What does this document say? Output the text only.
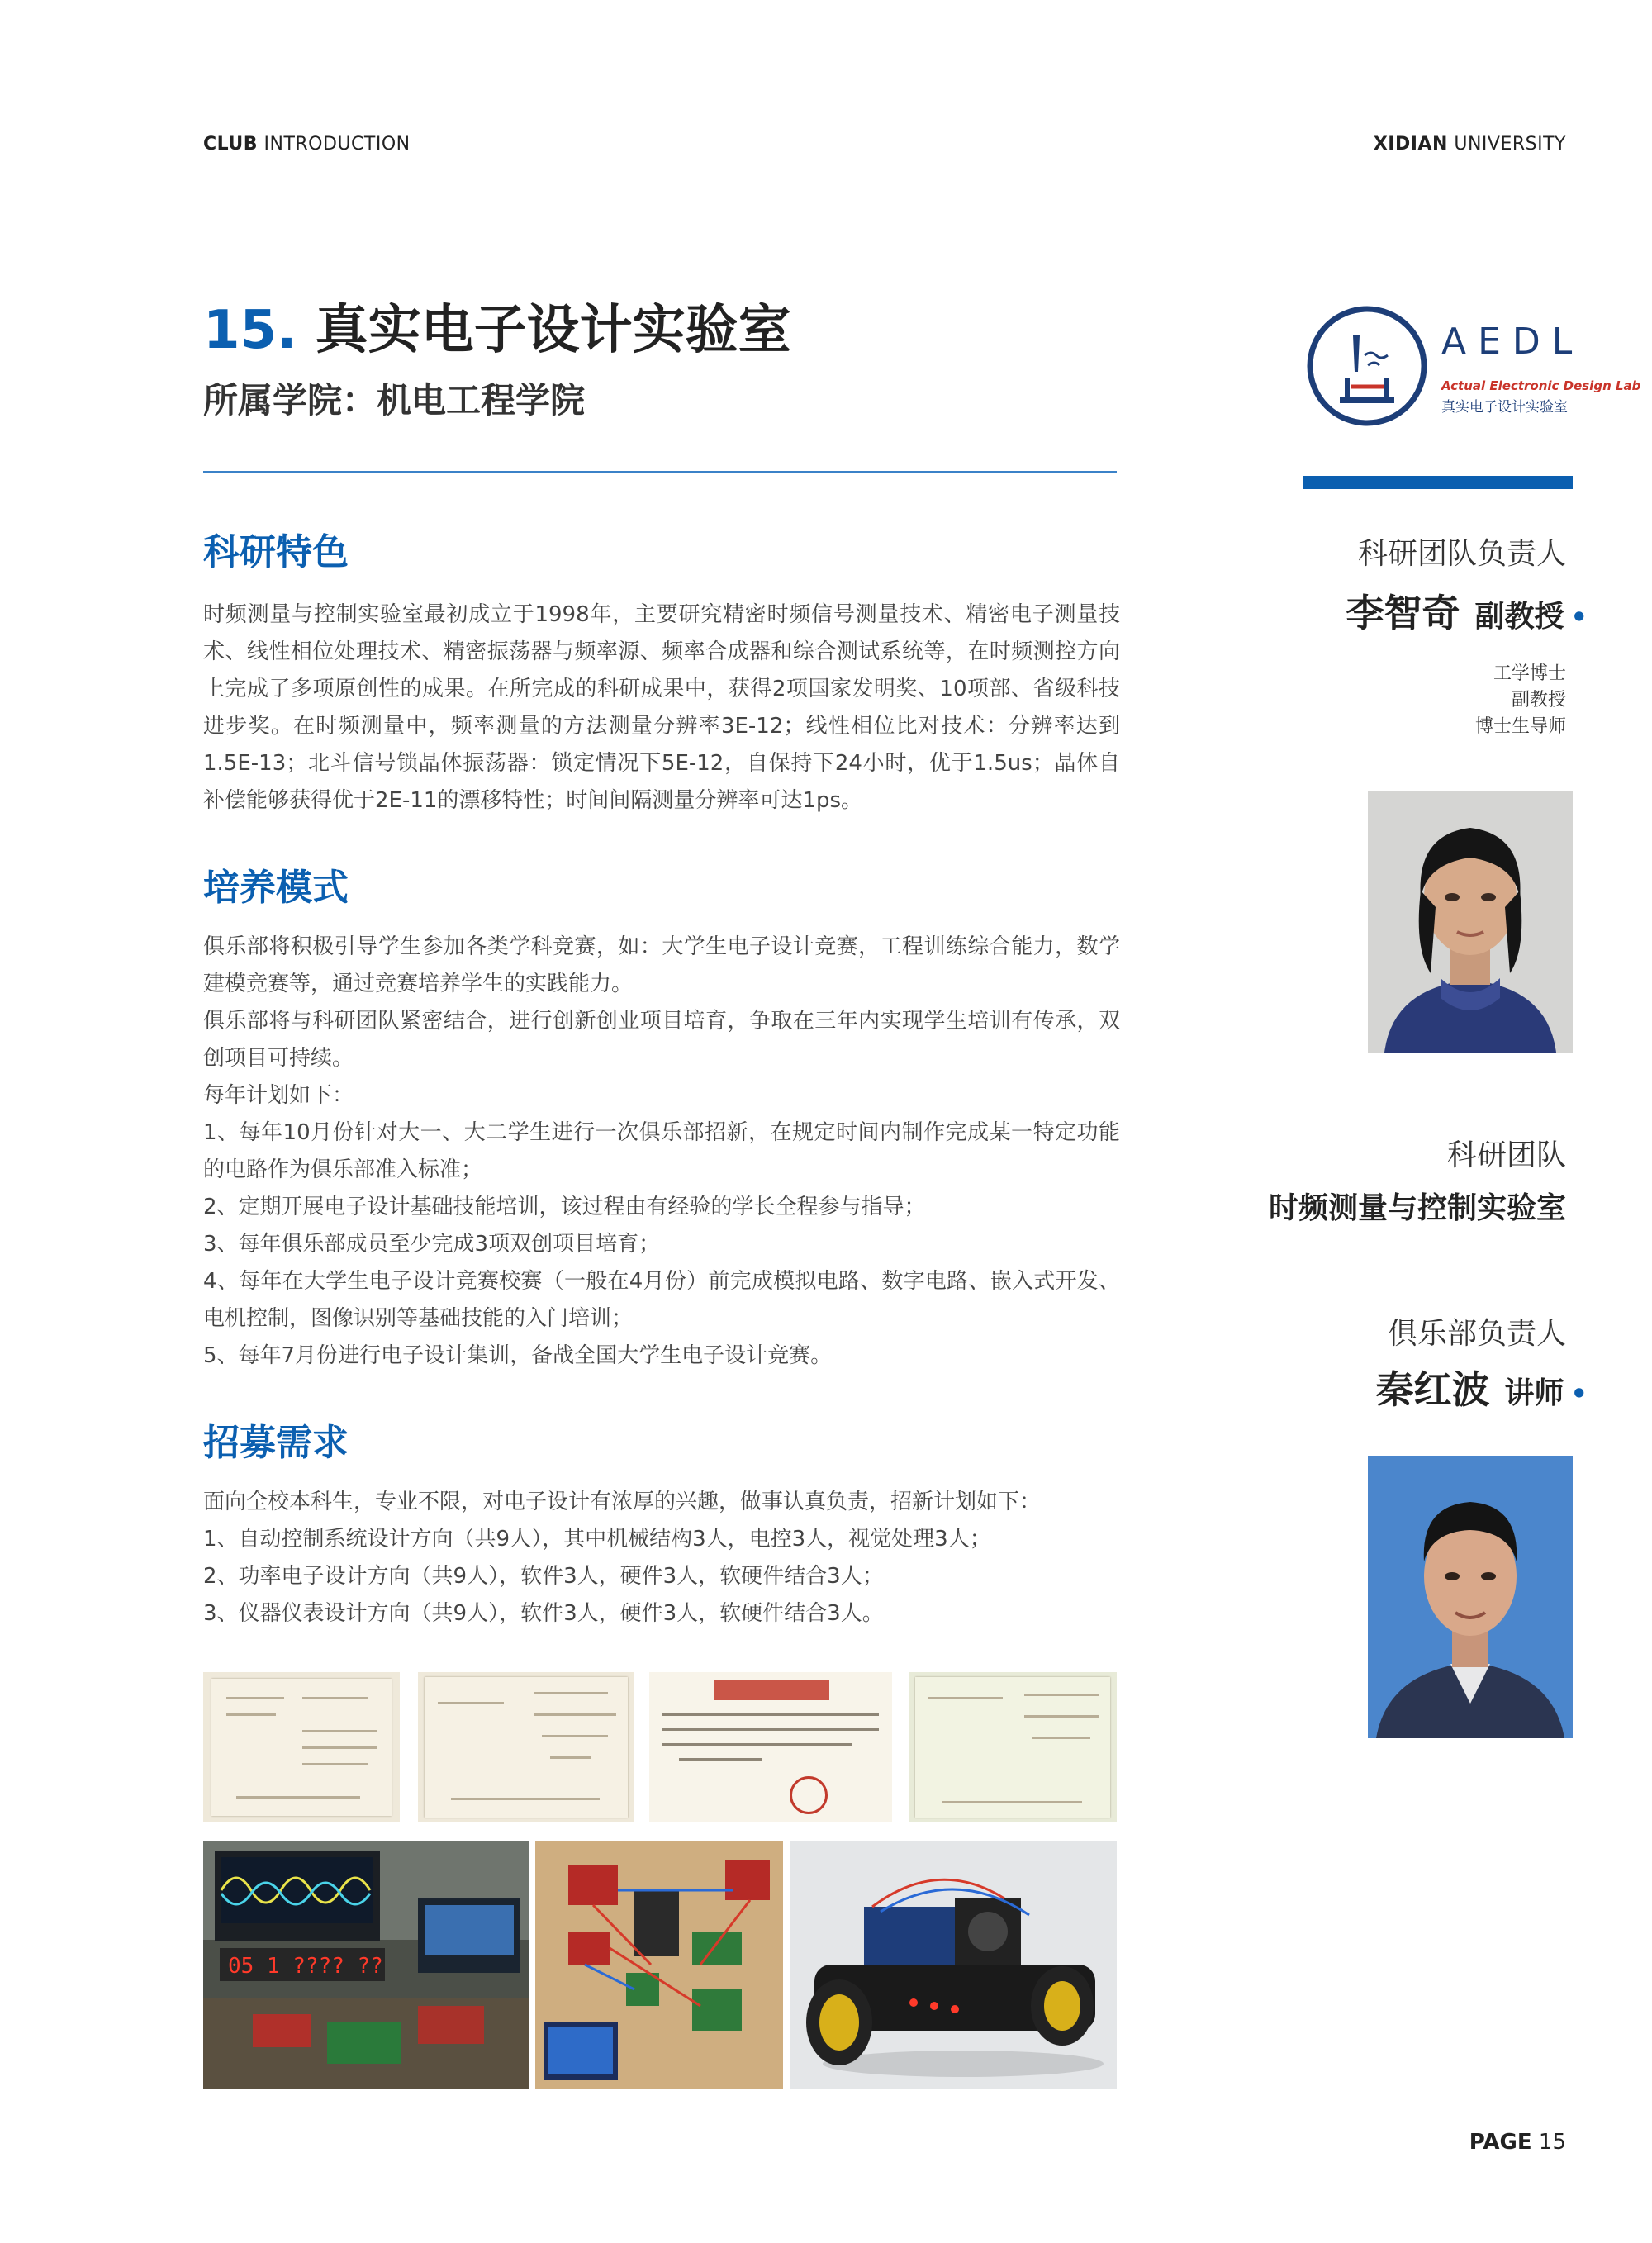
CLUB INTRODUCTION	XIDIAN UNIVERSITY
15. 真实电子设计实验室
所属学院：机电工程学院
科研特色

时频测量与控制实验室最初成立于1998年，主要研究精密时频信号测量技术、精密电子测量技术、线性相位处理技术、精密振荡器与频率源、频率合成器和综合测试系统等，在时频测控方向上完成了多项原创性的成果。在所完成的科研成果中，获得2项国家发明奖、10项部、省级科技进步奖。在时频测量中，频率测量的方法测量分辨率3E-12；线性相位比对技术：分辨率达到1.5E-13；北斗信号锁晶体振荡器：锁定情况下5E-12，自保持下24小时，优于1.5us；晶体自补偿能够获得优于2E-11的漂移特性；时间间隔测量分辨率可达1ps。

培养模式

俱乐部将积极引导学生参加各类学科竞赛，如：大学生电子设计竞赛，工程训练综合能力，数学建模竞赛等，通过竞赛培养学生的实践能力。

俱乐部将与科研团队紧密结合，进行创新创业项目培育，争取在三年内实现学生培训有传承，双创项目可持续。

每年计划如下：

1、每年10月份针对大一、大二学生进行一次俱乐部招新，在规定时间内制作完成某一特定功能的电路作为俱乐部准入标准；

2、定期开展电子设计基础技能培训，该过程由有经验的学长全程参与指导；

3、每年俱乐部成员至少完成3项双创项目培育；

4、每年在大学生电子设计竞赛校赛（一般在4月份）前完成模拟电路、数字电路、嵌入式开发、电机控制，图像识别等基础技能的入门培训；

5、每年7月份进行电子设计集训，备战全国大学生电子设计竞赛。

招募需求

面向全校本科生，专业不限，对电子设计有浓厚的兴趣，做事认真负责，招新计划如下：

1、自动控制系统设计方向（共9人），其中机械结构3人，电控3人，视觉处理3人；

2、功率电子设计方向（共9人），软件3人，硬件3人，软硬件结合3人；

3、仪器仪表设计方向（共9人），软件3人，硬件3人，软硬件结合3人。

AEDL
Actual Electronic Design Lab
真实电子设计实验室
科研团队负责人
李智奇 副教授 •
工学博士
副教授
博士生导师
科研团队
时频测量与控制实验室
俱乐部负责人
秦红波 讲师 •
05 1 ???? ??
PAGE 15
